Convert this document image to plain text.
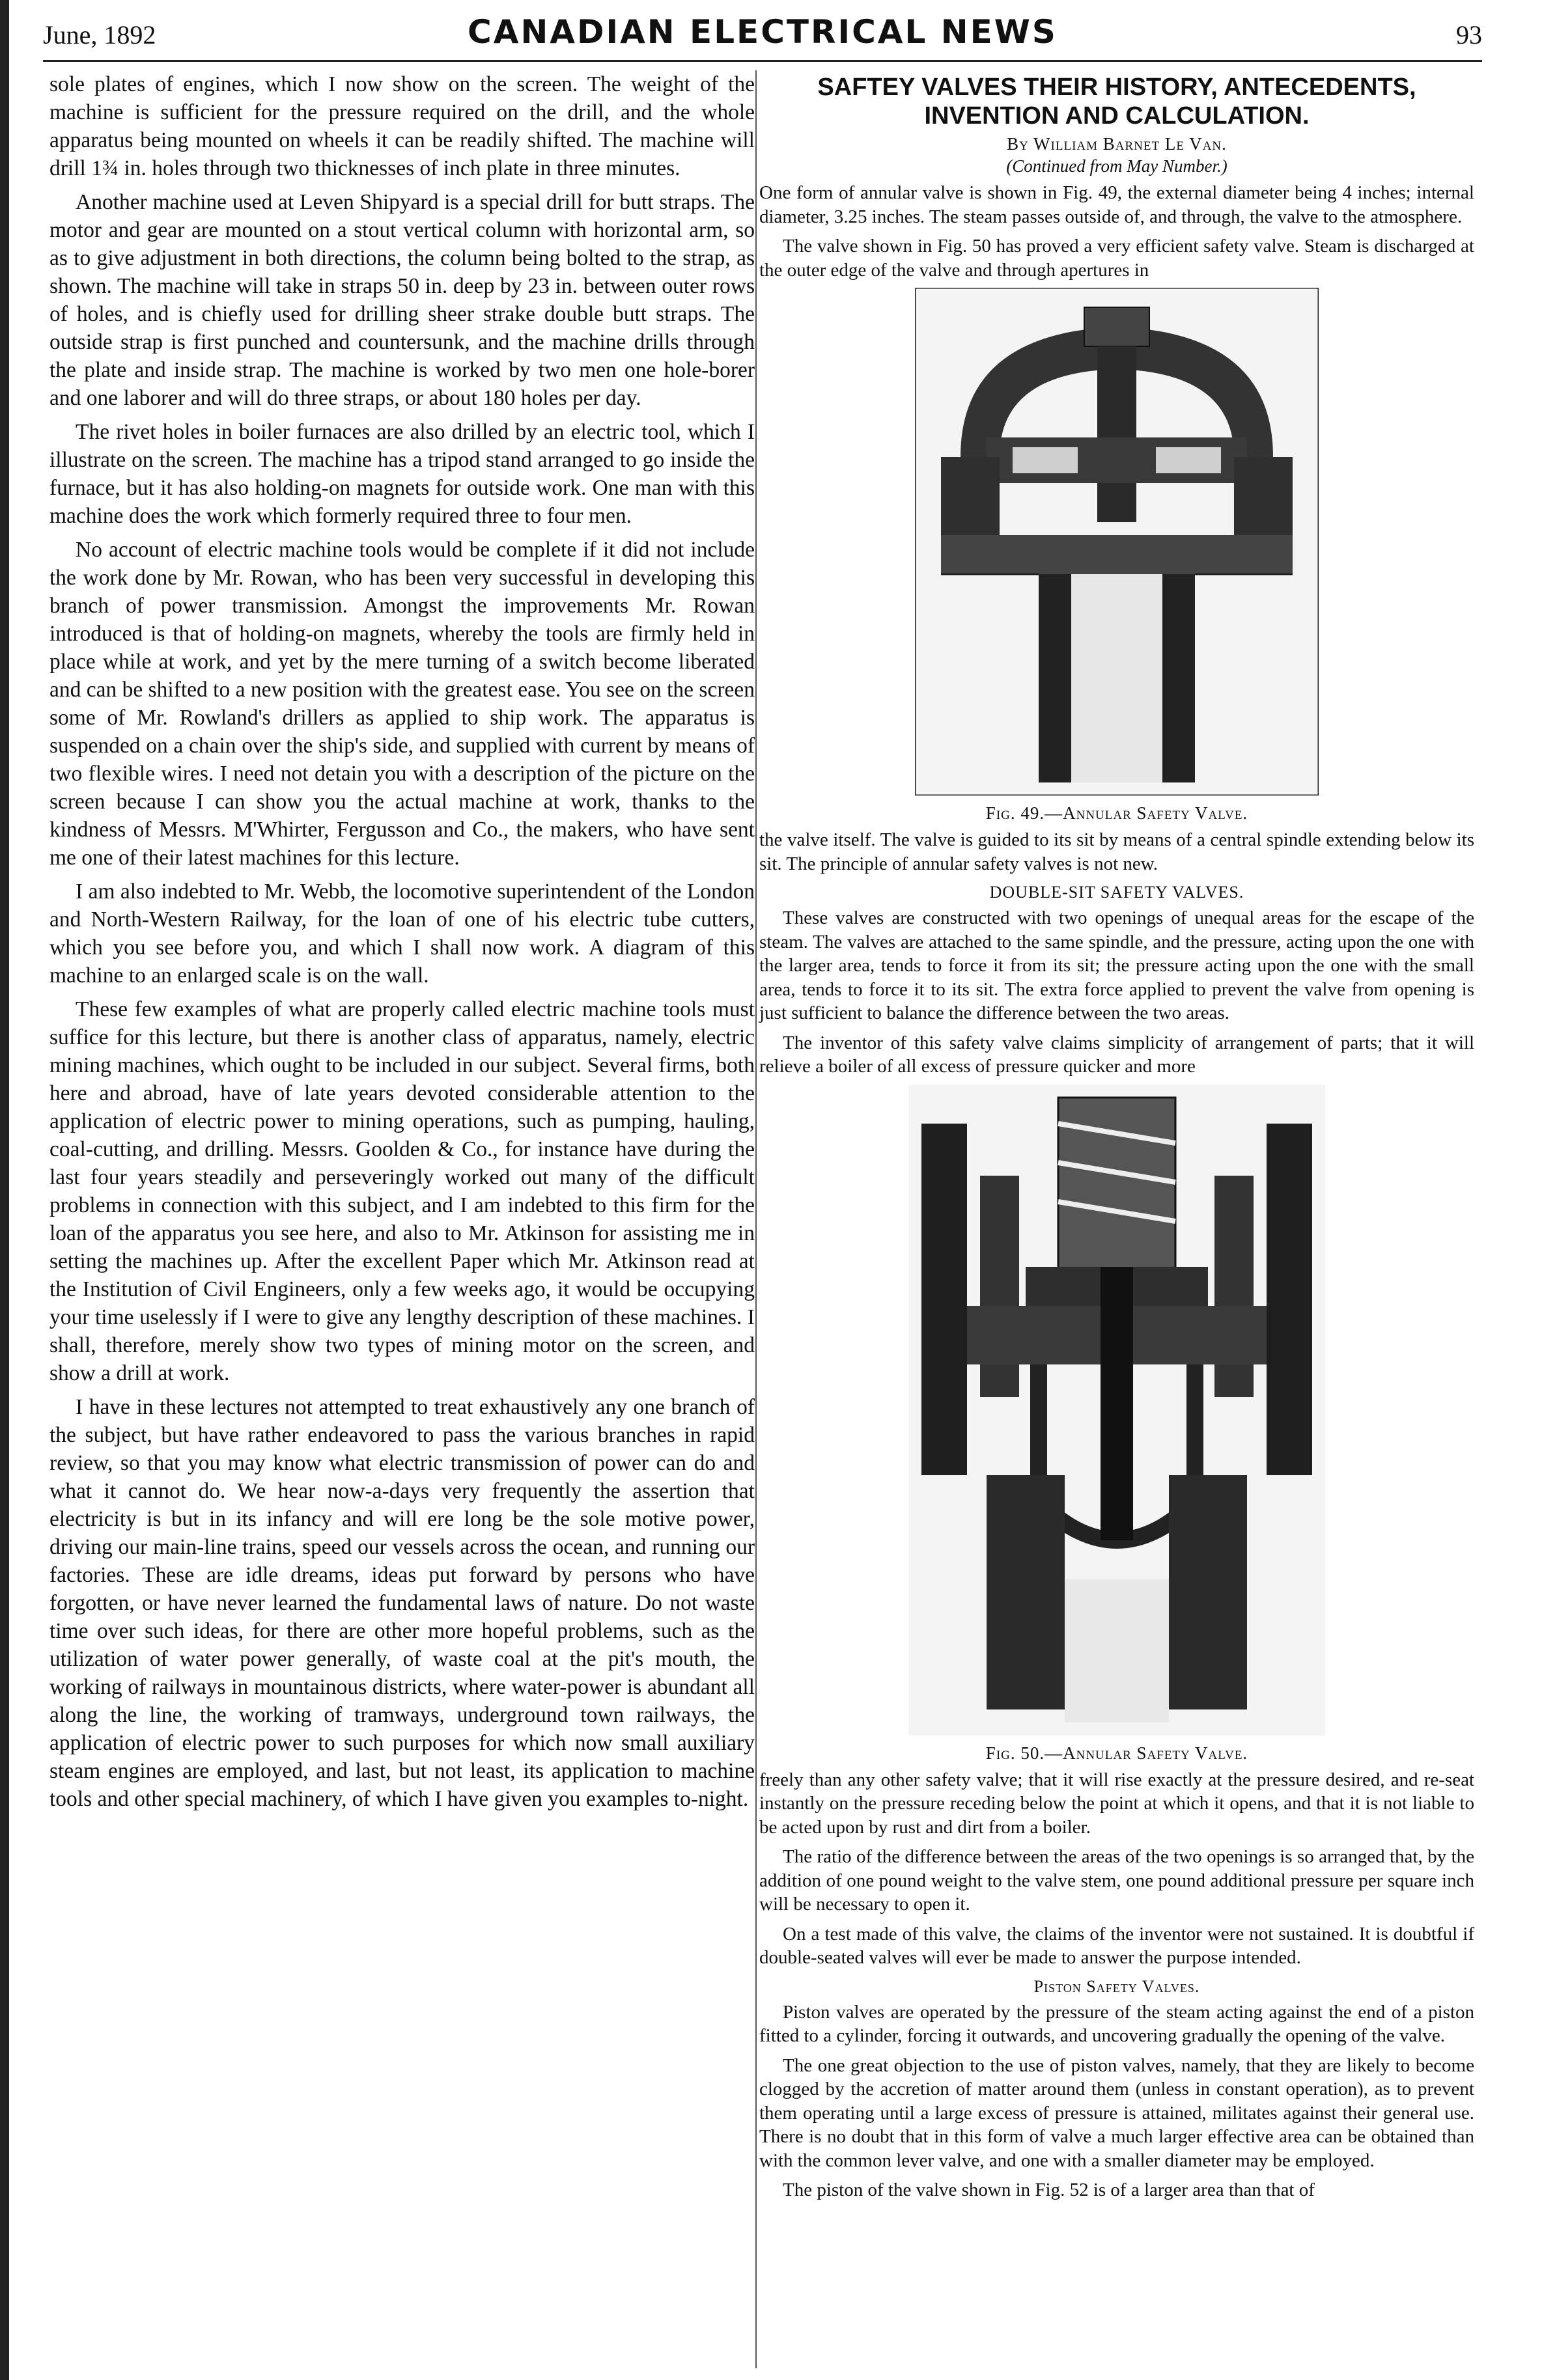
June, 1892	CANADIAN ELECTRICAL NEWS	93

sole plates of engines, which I now show on the screen. The weight of the machine is sufficient for the pressure required on the drill, and the whole apparatus being mounted on wheels it can be readily shifted. The machine will drill 1¾ in. holes through two thicknesses of inch plate in three minutes.

Another machine used at Leven Shipyard is a special drill for butt straps. The motor and gear are mounted on a stout vertical column with horizontal arm, so as to give adjustment in both directions, the column being bolted to the strap, as shown. The machine will take in straps 50 in. deep by 23 in. between outer rows of holes, and is chiefly used for drilling sheer strake double butt straps. The outside strap is first punched and countersunk, and the machine drills through the plate and inside strap. The machine is worked by two men one hole-borer and one laborer and will do three straps, or about 180 holes per day.

The rivet holes in boiler furnaces are also drilled by an electric tool, which I illustrate on the screen. The machine has a tripod stand arranged to go inside the furnace, but it has also holding-on magnets for outside work. One man with this machine does the work which formerly required three to four men.

No account of electric machine tools would be complete if it did not include the work done by Mr. Rowan, who has been very successful in developing this branch of power transmission. Amongst the improvements Mr. Rowan introduced is that of holding-on magnets, whereby the tools are firmly held in place while at work, and yet by the mere turning of a switch become liberated and can be shifted to a new position with the greatest ease. You see on the screen some of Mr. Rowland's drillers as applied to ship work. The apparatus is suspended on a chain over the ship's side, and supplied with current by means of two flexible wires. I need not detain you with a description of the picture on the screen because I can show you the actual machine at work, thanks to the kindness of Messrs. M'Whirter, Fergusson and Co., the makers, who have sent me one of their latest machines for this lecture.

I am also indebted to Mr. Webb, the locomotive superintendent of the London and North-Western Railway, for the loan of one of his electric tube cutters, which you see before you, and which I shall now work. A diagram of this machine to an enlarged scale is on the wall.

These few examples of what are properly called electric machine tools must suffice for this lecture, but there is another class of apparatus, namely, electric mining machines, which ought to be included in our subject. Several firms, both here and abroad, have of late years devoted considerable attention to the application of electric power to mining operations, such as pumping, hauling, coal-cutting, and drilling. Messrs. Goolden & Co., for instance have during the last four years steadily and perseveringly worked out many of the difficult problems in connection with this subject, and I am indebted to this firm for the loan of the apparatus you see here, and also to Mr. Atkinson for assisting me in setting the machines up. After the excellent Paper which Mr. Atkinson read at the Institution of Civil Engineers, only a few weeks ago, it would be occupying your time uselessly if I were to give any lengthy description of these machines. I shall, therefore, merely show two types of mining motor on the screen, and show a drill at work.

I have in these lectures not attempted to treat exhaustively any one branch of the subject, but have rather endeavored to pass the various branches in rapid review, so that you may know what electric transmission of power can do and what it cannot do. We hear now-a-days very frequently the assertion that electricity is but in its infancy and will ere long be the sole motive power, driving our main-line trains, speed our vessels across the ocean, and running our factories. These are idle dreams, ideas put forward by persons who have forgotten, or have never learned the fundamental laws of nature. Do not waste time over such ideas, for there are other more hopeful problems, such as the utilization of water power generally, of waste coal at the pit's mouth, the working of railways in mountainous districts, where water-power is abundant all along the line, the working of tramways, underground town railways, the application of electric power to such purposes for which now small auxiliary steam engines are employed, and last, but not least, its application to machine tools and other special machinery, of which I have given you examples to-night.

SAFTEY VALVES THEIR HISTORY, ANTECEDENTS, INVENTION AND CALCULATION.
By William Barnet Le Van.
(Continued from May Number.)

One form of annular valve is shown in Fig. 49, the external diameter being 4 inches; internal diameter, 3.25 inches. The steam passes outside of, and through, the valve to the atmosphere.

The valve shown in Fig. 50 has proved a very efficient safety valve. Steam is discharged at the outer edge of the valve and through apertures in

Fig. 49.—Annular Safety Valve.

the valve itself. The valve is guided to its sit by means of a central spindle extending below its sit. The principle of annular safety valves is not new.

DOUBLE-SIT SAFETY VALVES.

These valves are constructed with two openings of unequal areas for the escape of the steam. The valves are attached to the same spindle, and the pressure, acting upon the one with the larger area, tends to force it from its sit; the pressure acting upon the one with the small area, tends to force it to its sit. The extra force applied to prevent the valve from opening is just sufficient to balance the difference between the two areas.

The inventor of this safety valve claims simplicity of arrangement of parts; that it will relieve a boiler of all excess of pressure quicker and more

Fig. 50.—Annular Safety Valve.

freely than any other safety valve; that it will rise exactly at the pressure desired, and re-seat instantly on the pressure receding below the point at which it opens, and that it is not liable to be acted upon by rust and dirt from a boiler.

The ratio of the difference between the areas of the two openings is so arranged that, by the addition of one pound weight to the valve stem, one pound additional pressure per square inch will be necessary to open it.

On a test made of this valve, the claims of the inventor were not sustained. It is doubtful if double-seated valves will ever be made to answer the purpose intended.

Piston Safety Valves.

Piston valves are operated by the pressure of the steam acting against the end of a piston fitted to a cylinder, forcing it outwards, and uncovering gradually the opening of the valve.

The one great objection to the use of piston valves, namely, that they are likely to become clogged by the accretion of matter around them (unless in constant operation), as to prevent them operating until a large excess of pressure is attained, militates against their general use. There is no doubt that in this form of valve a much larger effective area can be obtained than with the common lever valve, and one with a smaller diameter may be employed.

The piston of the valve shown in Fig. 52 is of a larger area than that of
